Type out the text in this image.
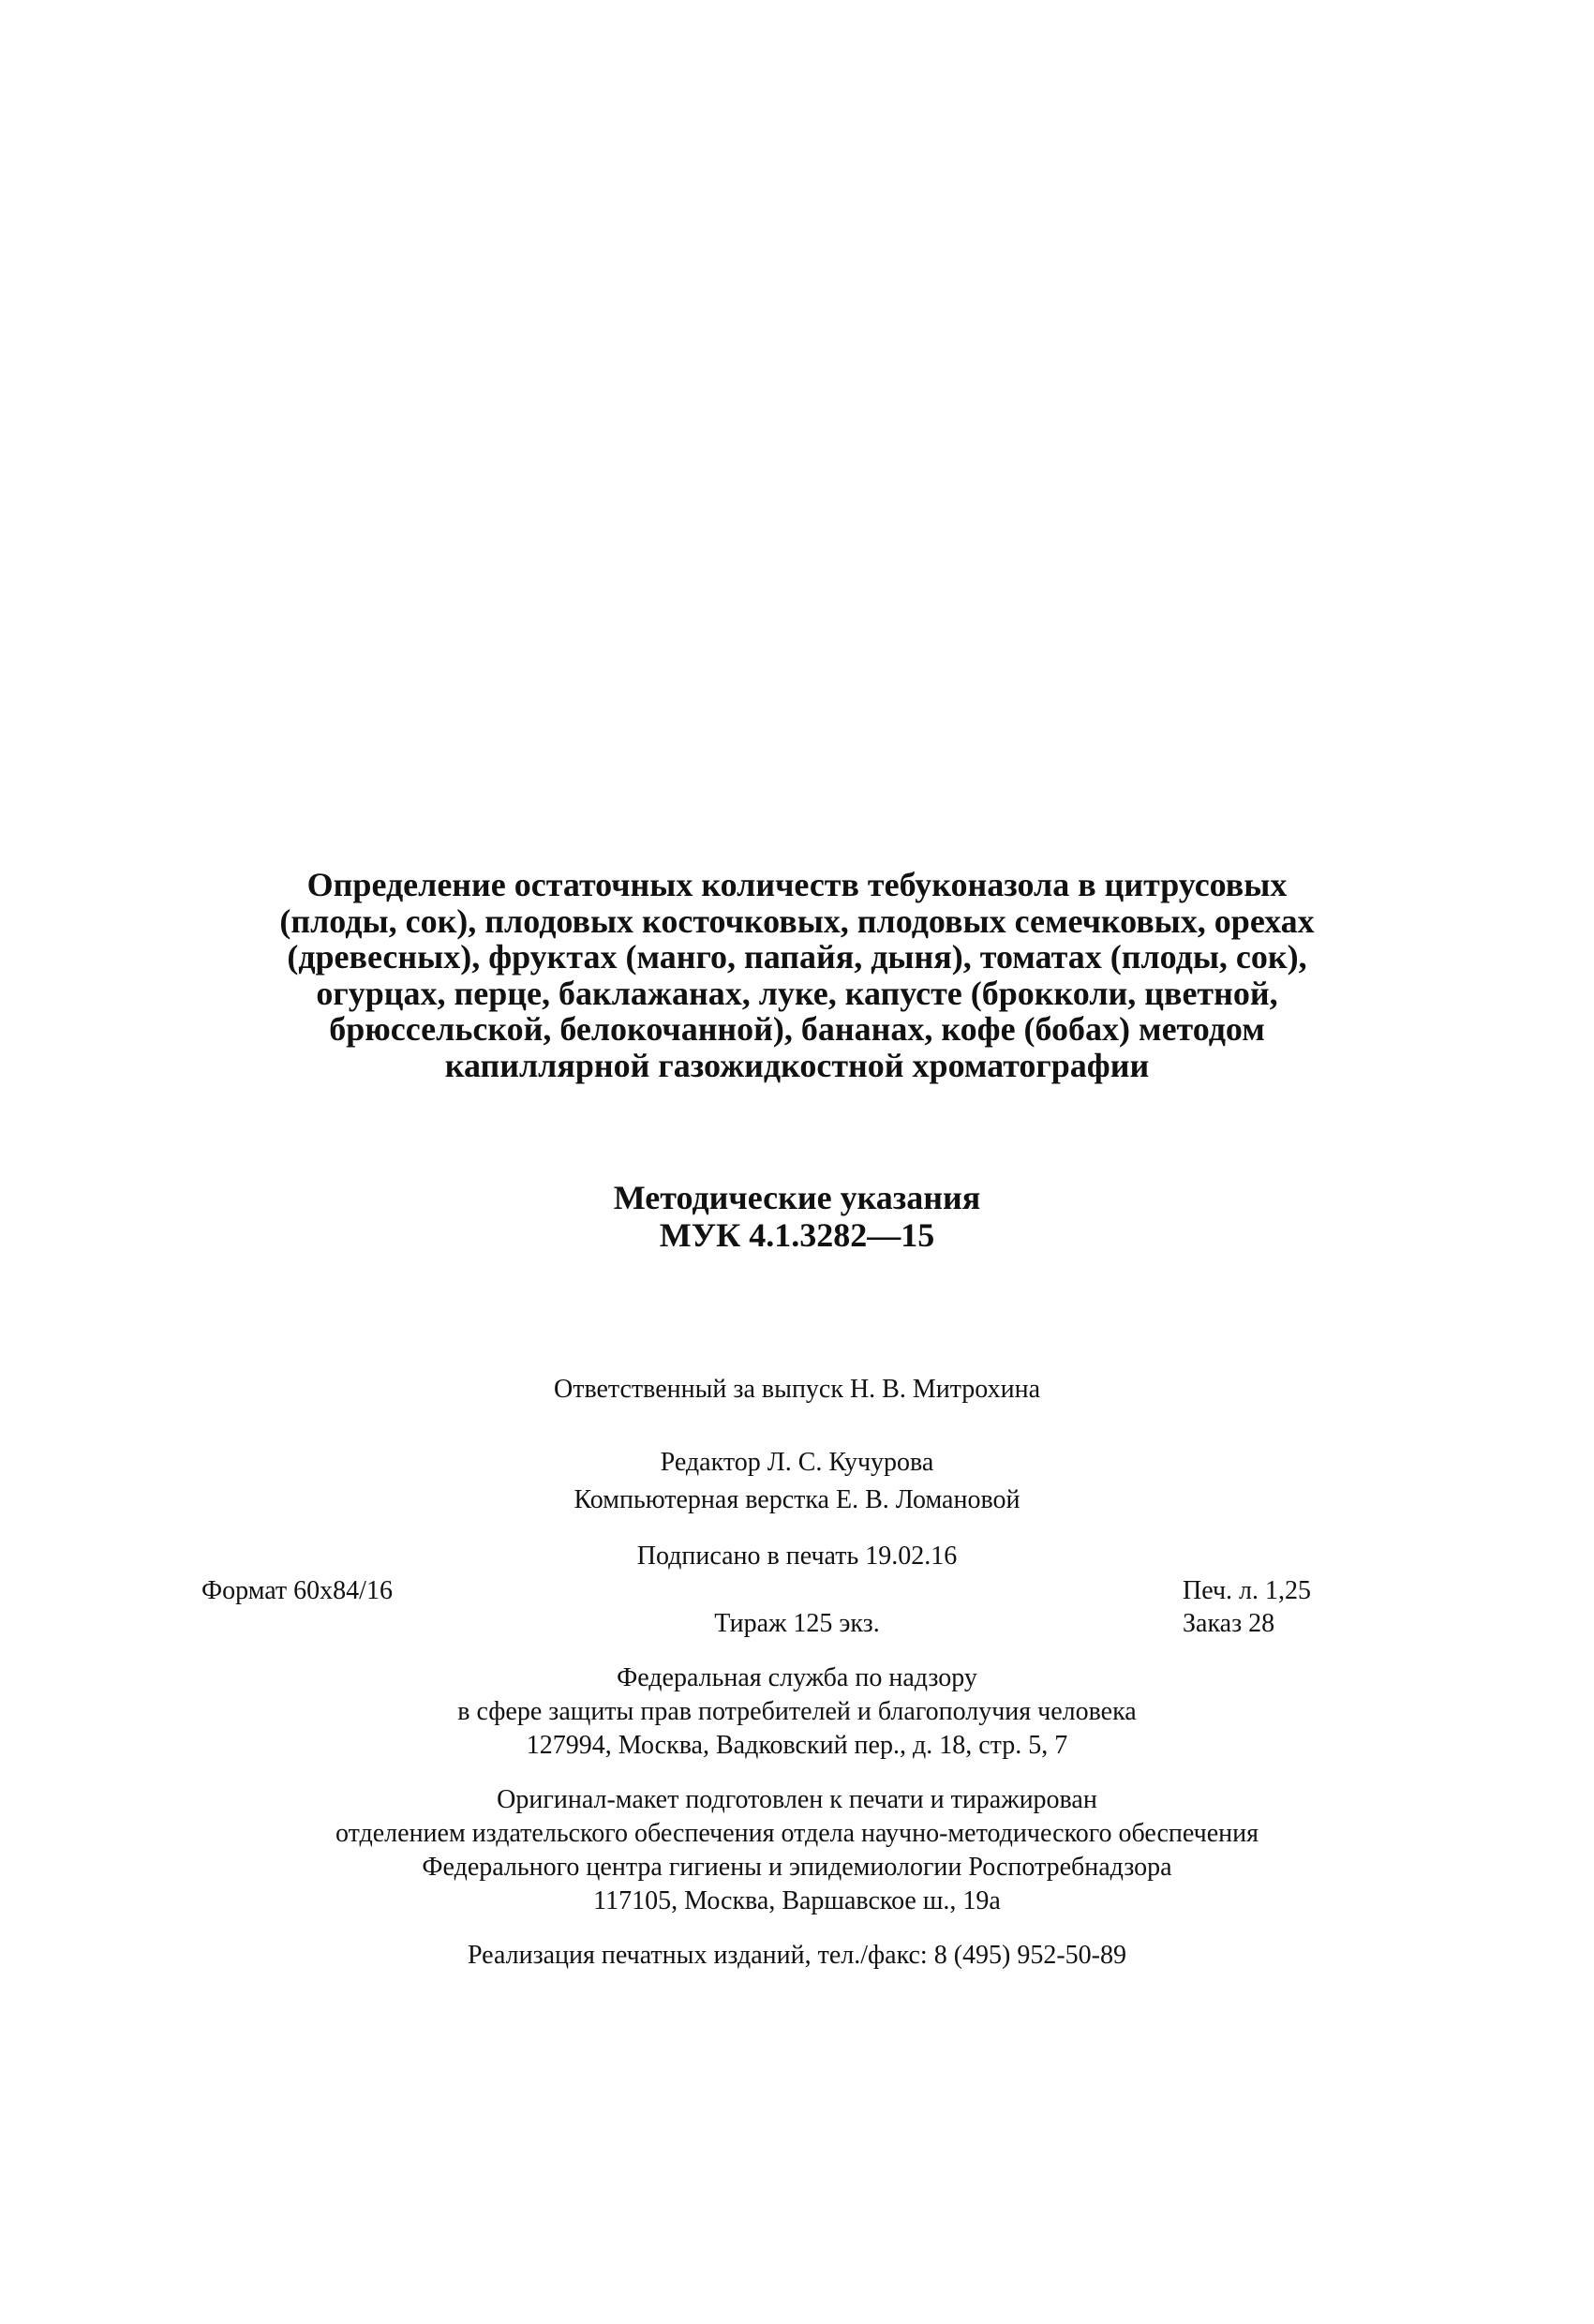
Определение остаточных количеств тебуконазола в цитрусовых
(плоды, сок), плодовых косточковых, плодовых семечковых, орехах
(древесных), фруктах (манго, папайя, дыня), томатах (плоды, сок),
огурцах, перце, баклажанах, луке, капусте (брокколи, цветной,
брюссельской, белокочанной), бананах, кофе (бобах) методом
капиллярной газожидкостной хроматографии
Методические указания
МУК 4.1.3282—15
Ответственный за выпуск Н. В. Митрохина
Редактор Л. С. Кучурова
Компьютерная верстка Е. В. Ломановой
Подписано в печать 19.02.16
Формат 60x84/16	Печ. л. 1,25
Тираж 125 экз.	Заказ 28
Федеральная служба по надзору
в сфере защиты прав потребителей и благополучия человека
127994, Москва, Вадковский пер., д. 18, стр. 5, 7
Оригинал-макет подготовлен к печати и тиражирован
отделением издательского обеспечения отдела научно-методического обеспечения
Федерального центра гигиены и эпидемиологии Роспотребнадзора
117105, Москва, Варшавское ш., 19а
Реализация печатных изданий, тел./факс: 8 (495) 952-50-89
